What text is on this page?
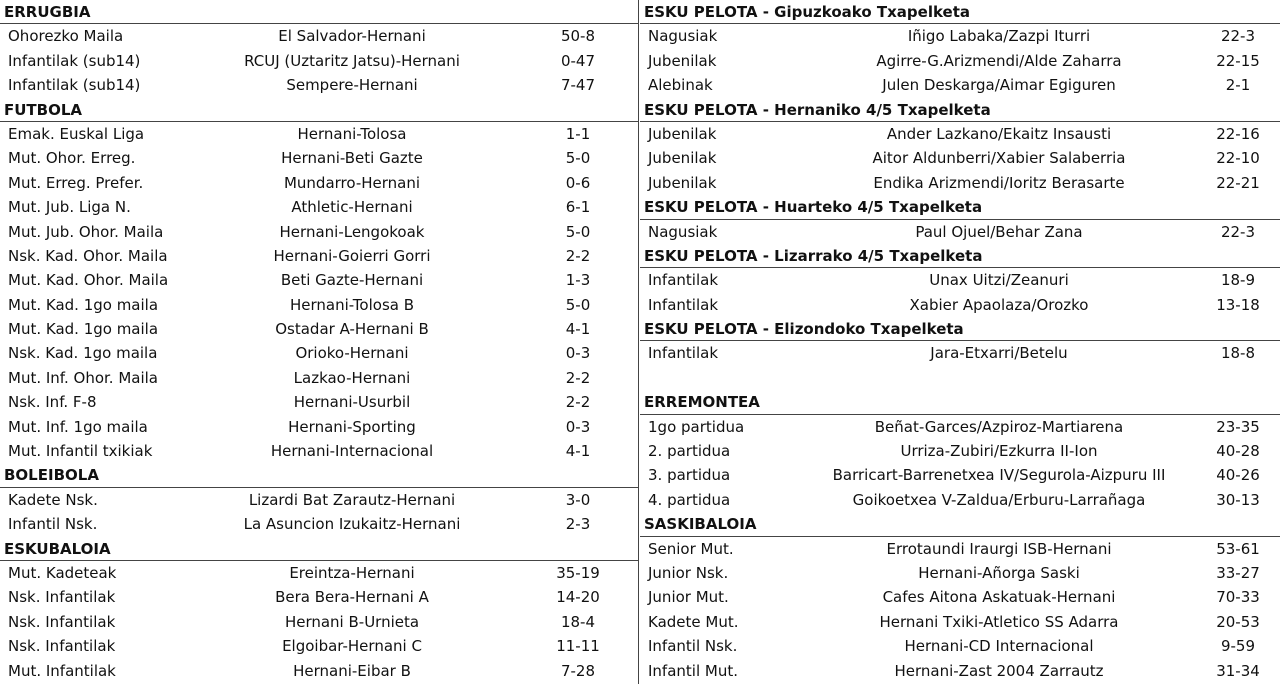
ERRUGBIA
Ohorezko Maila	El Salvador-Hernani	50-8
Infantilak (sub14)	RCUJ (Uztaritz Jatsu)-Hernani	0-47
Infantilak (sub14)	Sempere-Hernani	7-47
FUTBOLA
Emak. Euskal Liga	Hernani-Tolosa	1-1
Mut. Ohor. Erreg.	Hernani-Beti Gazte	5-0
Mut. Erreg. Prefer.	Mundarro-Hernani	0-6
Mut. Jub. Liga N.	Athletic-Hernani	6-1
Mut. Jub. Ohor. Maila	Hernani-Lengokoak	5-0
Nsk. Kad. Ohor. Maila	Hernani-Goierri Gorri	2-2
Mut. Kad. Ohor. Maila	Beti Gazte-Hernani	1-3
Mut. Kad. 1go maila	Hernani-Tolosa B	5-0
Mut. Kad. 1go maila	Ostadar A-Hernani B	4-1
Nsk. Kad. 1go maila	Orioko-Hernani	0-3
Mut. Inf. Ohor. Maila	Lazkao-Hernani	2-2
Nsk. Inf. F-8	Hernani-Usurbil	2-2
Mut. Inf. 1go maila	Hernani-Sporting	0-3
Mut. Infantil txikiak	Hernani-Internacional	4-1
BOLEIBOLA
Kadete Nsk.	Lizardi Bat Zarautz-Hernani	3-0
Infantil Nsk.	La Asuncion Izukaitz-Hernani	2-3
ESKUBALOIA
Mut. Kadeteak	Ereintza-Hernani	35-19
Nsk. Infantilak	Bera Bera-Hernani A	14-20
Nsk. Infantilak	Hernani B-Urnieta	18-4
Nsk. Infantilak	Elgoibar-Hernani C	11-11
Mut. Infantilak	Hernani-Eibar B	7-28
ESKU PELOTA - Gipuzkoako Txapelketa
Nagusiak	Iñigo Labaka/Zazpi Iturri	22-3
Jubenilak	Agirre-G.Arizmendi/Alde Zaharra	22-15
Alebinak	Julen Deskarga/Aimar Egiguren	2-1
ESKU PELOTA - Hernaniko 4/5 Txapelketa
Jubenilak	Ander Lazkano/Ekaitz Insausti	22-16
Jubenilak	Aitor Aldunberri/Xabier Salaberria	22-10
Jubenilak	Endika Arizmendi/Ioritz Berasarte	22-21
ESKU PELOTA - Huarteko 4/5 Txapelketa
Nagusiak	Paul Ojuel/Behar Zana	22-3
ESKU PELOTA - Lizarrako 4/5 Txapelketa
Infantilak	Unax Uitzi/Zeanuri	18-9
Infantilak	Xabier Apaolaza/Orozko	13-18
ESKU PELOTA - Elizondoko Txapelketa
Infantilak	Jara-Etxarri/Betelu	18-8
ERREMONTEA
1go partidua	Beñat-Garces/Azpiroz-Martiarena	23-35
2. partidua	Urriza-Zubiri/Ezkurra II-Ion	40-28
3. partidua	Barricart-Barrenetxea IV/Segurola-Aizpuru III	40-26
4. partidua	Goikoetxea V-Zaldua/Erburu-Larrañaga	30-13
SASKIBALOIA
Senior Mut.	Errotaundi Iraurgi ISB-Hernani	53-61
Junior Nsk.	Hernani-Añorga Saski	33-27
Junior Mut.	Cafes Aitona Askatuak-Hernani	70-33
Kadete Mut.	Hernani Txiki-Atletico SS Adarra	20-53
Infantil Nsk.	Hernani-CD Internacional	9-59
Infantil Mut.	Hernani-Zast 2004 Zarrautz	31-34
